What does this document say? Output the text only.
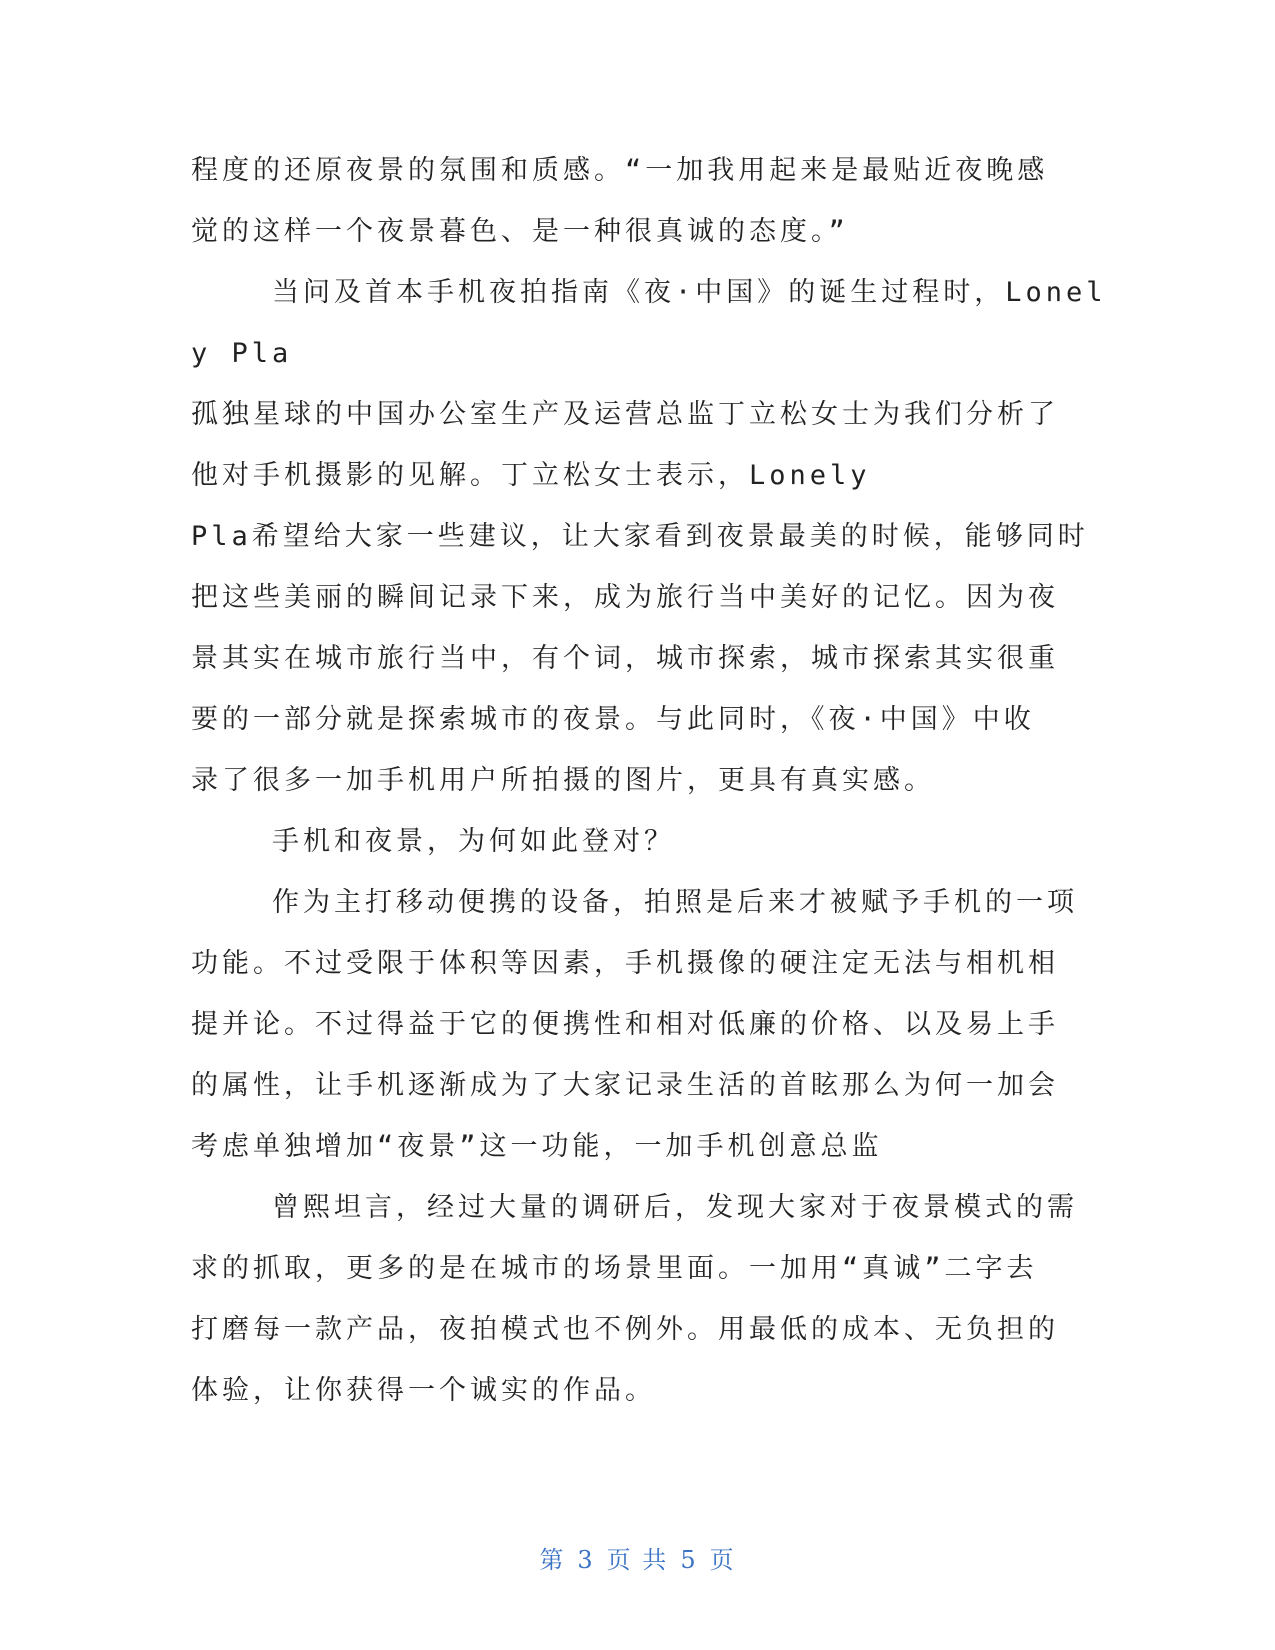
程度的还原夜景的氛围和质感。“一加我用起来是最贴近夜晚感

觉的这样一个夜景暮色、是一种很真诚的态度。”

当问及首本手机夜拍指南《夜·中国》的诞生过程时，Lonel

y Pla

孤独星球的中国办公室生产及运营总监丁立松女士为我们分析了

他对手机摄影的见解。丁立松女士表示，Lonely

Pla希望给大家一些建议，让大家看到夜景最美的时候，能够同时

把这些美丽的瞬间记录下来，成为旅行当中美好的记忆。因为夜

景其实在城市旅行当中，有个词，城市探索，城市探索其实很重

要的一部分就是探索城市的夜景。与此同时，《夜·中国》中收

录了很多一加手机用户所拍摄的图片，更具有真实感。

手机和夜景，为何如此登对？

作为主打移动便携的设备，拍照是后来才被赋予手机的一项

功能。不过受限于体积等因素，手机摄像的硬注定无法与相机相

提并论。不过得益于它的便携性和相对低廉的价格、以及易上手

的属性，让手机逐渐成为了大家记录生活的首眩那么为何一加会

考虑单独增加“夜景”这一功能，一加手机创意总监

曾熙坦言，经过大量的调研后，发现大家对于夜景模式的需

求的抓取，更多的是在城市的场景里面。一加用“真诚”二字去

打磨每一款产品，夜拍模式也不例外。用最低的成本、无负担的

体验，让你获得一个诚实的作品。

第 3 页 共 5 页
